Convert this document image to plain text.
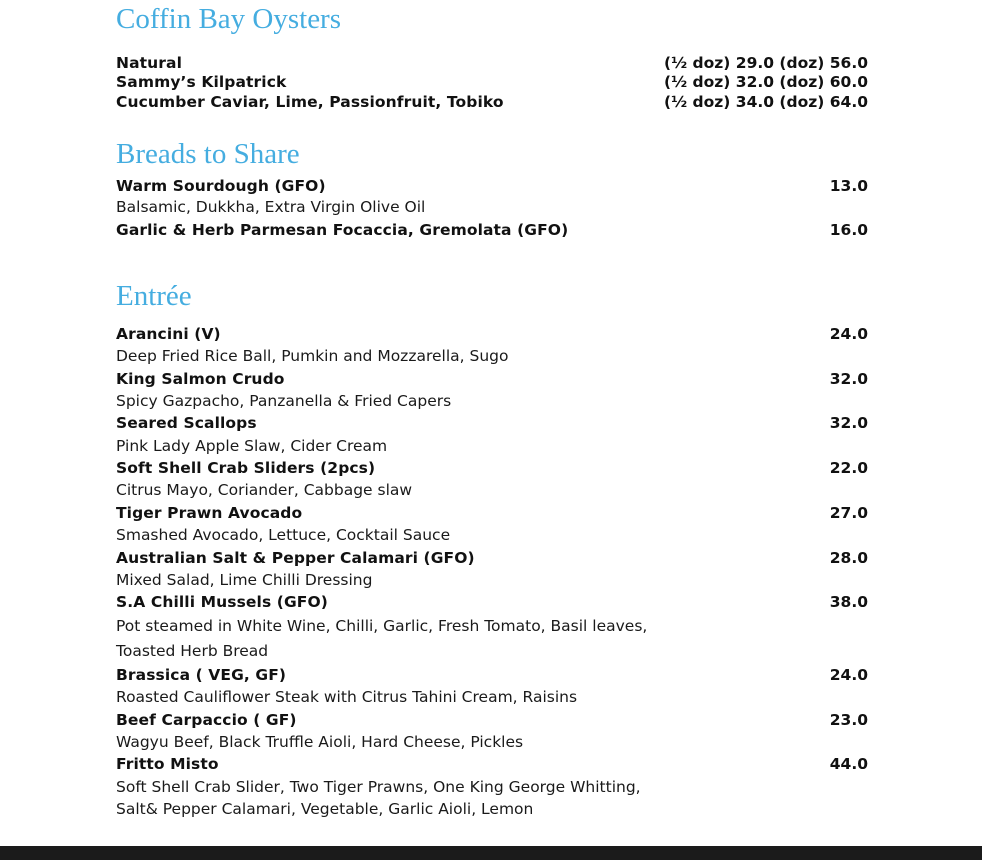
Coffin Bay Oysters
Natural	(½ doz) 29.0 (doz) 56.0
Sammy’s Kilpatrick	(½ doz) 32.0 (doz) 60.0
Cucumber Caviar, Lime, Passionfruit, Tobiko	(½ doz) 34.0 (doz) 64.0
Breads to Share
Warm Sourdough (GFO)	13.0
Balsamic, Dukkha, Extra Virgin Olive Oil
Garlic & Herb Parmesan Focaccia, Gremolata (GFO)	16.0
Entrée
Arancini (V)	24.0
Deep Fried Rice Ball, Pumkin and Mozzarella, Sugo
King Salmon Crudo	32.0
Spicy Gazpacho, Panzanella & Fried Capers
Seared Scallops	32.0
Pink Lady Apple Slaw, Cider Cream
Soft Shell Crab Sliders (2pcs)	22.0
Citrus Mayo, Coriander, Cabbage slaw
Tiger Prawn Avocado	27.0
Smashed Avocado, Lettuce, Cocktail Sauce
Australian Salt & Pepper Calamari (GFO)	28.0
Mixed Salad, Lime Chilli Dressing
S.A Chilli Mussels (GFO)	38.0
Pot steamed in White Wine, Chilli, Garlic, Fresh Tomato, Basil leaves,
Toasted Herb Bread
Brassica ( VEG, GF)	24.0
Roasted Cauliflower Steak with Citrus Tahini Cream, Raisins
Beef Carpaccio ( GF)	23.0
Wagyu Beef, Black Truffle Aioli, Hard Cheese, Pickles
Fritto Misto	44.0
Soft Shell Crab Slider, Two Tiger Prawns, One King George Whitting,
Salt& Pepper Calamari, Vegetable, Garlic Aioli, Lemon
